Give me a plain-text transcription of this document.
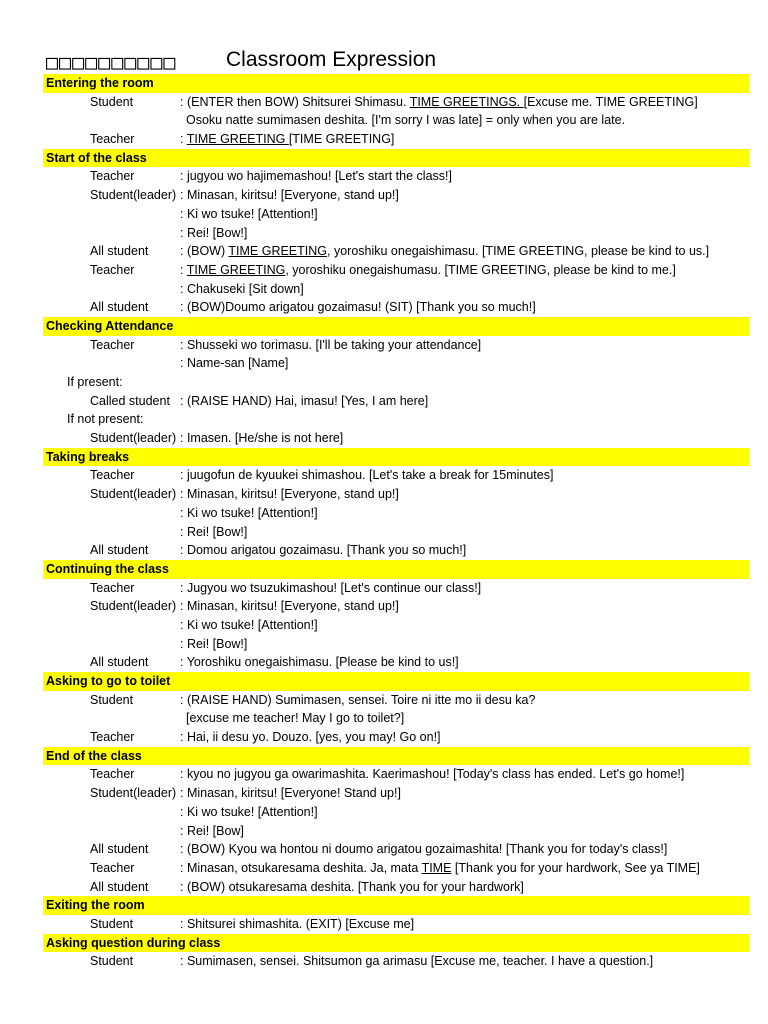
□□□□□□□□□□ Classroom Expression
Entering the room
Student	: (ENTER then BOW) Shitsurei Shimasu. TIME GREETINGS. [Excuse me. TIME GREETING]
Osoku natte sumimasen deshita. [I'm sorry I was late] = only when you are late.
Teacher	: TIME GREETING [TIME GREETING]
Start of the class
Teacher	: jugyou wo hajimemashou! [Let's start the class!]
Student(leader) : Minasan, kiritsu! [Everyone, stand up!]
: Ki wo tsuke! [Attention!]
: Rei! [Bow!]
All student	: (BOW) TIME GREETING, yoroshiku onegaishimasu. [TIME GREETING, please be kind to us.]
Teacher	: TIME GREETING, yoroshiku onegaishumasu. [TIME GREETING, please be kind to me.]
: Chakuseki [Sit down]
All student	: (BOW)Doumo arigatou gozaimasu! (SIT) [Thank you so much!]
Checking Attendance
Teacher	: Shusseki wo torimasu. [I'll be taking your attendance]
: Name-san [Name]
If present:
Called student : (RAISE HAND) Hai, imasu! [Yes, I am here]
If not present:
Student(leader) : Imasen. [He/she is not here]
Taking breaks
Teacher	: juugofun de kyuukei shimashou. [Let's take a break for 15minutes]
Student(leader) : Minasan, kiritsu! [Everyone, stand up!]
: Ki wo tsuke! [Attention!]
: Rei! [Bow!]
All student	: Domou arigatou gozaimasu. [Thank you so much!]
Continuing the class
Teacher	: Jugyou wo tsuzukimashou! [Let's continue our class!]
Student(leader) : Minasan, kiritsu! [Everyone, stand up!]
: Ki wo tsuke! [Attention!]
: Rei! [Bow!]
All student	: Yoroshiku onegaishimasu. [Please be kind to us!]
Asking to go to toilet
Student	: (RAISE HAND) Sumimasen, sensei. Toire ni itte mo ii desu ka?
[excuse me teacher! May I go to toilet?]
Teacher	: Hai, ii desu yo. Douzo. [yes, you may! Go on!]
End of the class
Teacher	: kyou no jugyou ga owarimashita. Kaerimashou! [Today's class has ended. Let's go home!]
Student(leader) : Minasan, kiritsu! [Everyone! Stand up!]
: Ki wo tsuke! [Attention!]
: Rei! [Bow]
All student	: (BOW) Kyou wa hontou ni doumo arigatou gozaimashita! [Thank you for today's class!]
Teacher	: Minasan, otsukaresama deshita. Ja, mata TIME [Thank you for your hardwork, See ya TIME]
All student	: (BOW) otsukaresama deshita. [Thank you for your hardwork]
Exiting the room
Student	: Shitsurei shimashita. (EXIT) [Excuse me]
Asking question during class
Student	: Sumimasen, sensei. Shitsumon ga arimasu [Excuse me, teacher. I have a question.]
